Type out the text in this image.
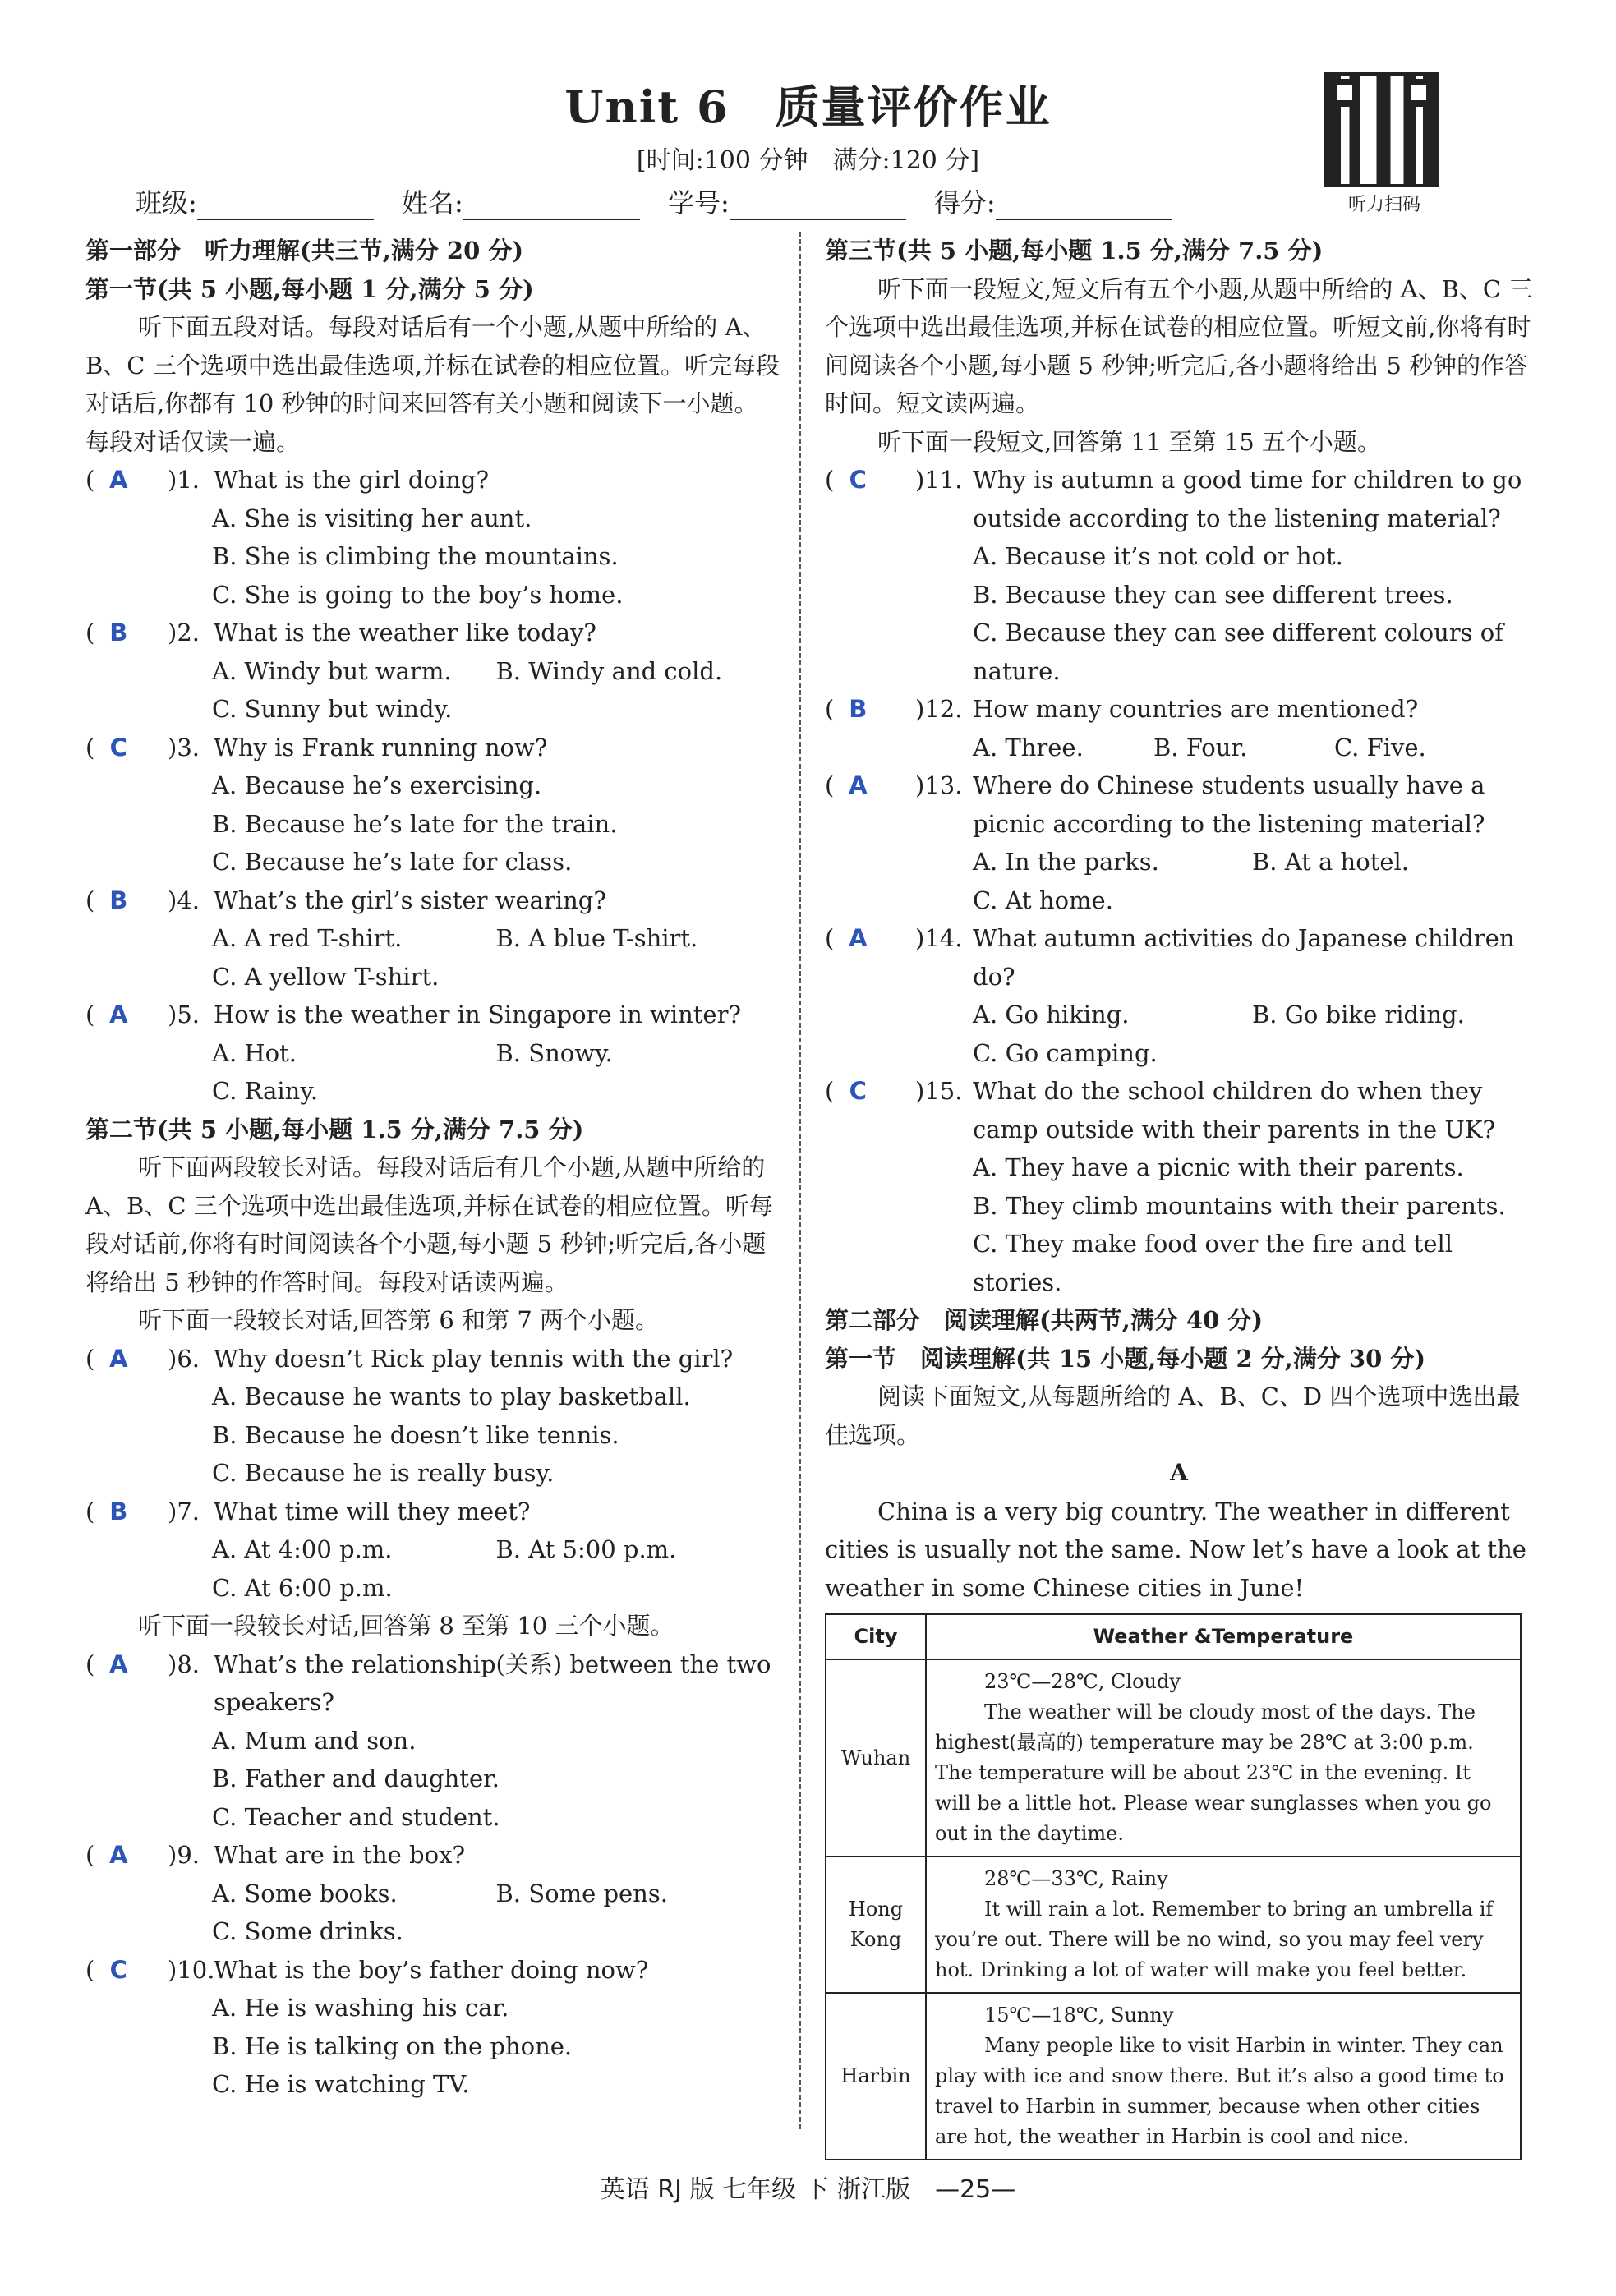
Unit 6　质量评价作业
[时间:100 分钟　满分:120 分]
听力扫码
班级:	姓名:	学号:	得分:

第一部分　听力理解(共三节,满分 20 分)

第一节(共 5 小题,每小题 1 分,满分 5 分)

听下面五段对话。每段对话后有一个小题,从题中所给的 A、B、C 三个选项中选出最佳选项,并标在试卷的相应位置。听完每段对话后,你都有 10 秒钟的时间来回答有关小题和阅读下一小题。每段对话仅读一遍。

( A	)1. What is the girl doing?
A. She is visiting her aunt.
B. She is climbing the mountains.
C. She is going to the boy’s home.
( B	)2. What is the weather like today?
A. Windy but warm.	B. Windy and cold.
C. Sunny but windy.
( C	)3. Why is Frank running now?
A. Because he’s exercising.
B. Because he’s late for the train.
C. Because he’s late for class.
( B	)4. What’s the girl’s sister wearing?
A. A red T-shirt.	B. A blue T-shirt.
C. A yellow T-shirt.
( A	)5. How is the weather in Singapore in winter?
A. Hot.	B. Snowy.
C. Rainy.

第二节(共 5 小题,每小题 1.5 分,满分 7.5 分)

听下面两段较长对话。每段对话后有几个小题,从题中所给的 A、B、C 三个选项中选出最佳选项,并标在试卷的相应位置。听每段对话前,你将有时间阅读各个小题,每小题 5 秒钟;听完后,各小题将给出 5 秒钟的作答时间。每段对话读两遍。

听下面一段较长对话,回答第 6 和第 7 两个小题。

( A	)6. Why doesn’t Rick play tennis with the girl?
A. Because he wants to play basketball.
B. Because he doesn’t like tennis.
C. Because he is really busy.
( B	)7. What time will they meet?
A. At 4:00 p.m.	B. At 5:00 p.m.
C. At 6:00 p.m.

听下面一段较长对话,回答第 8 至第 10 三个小题。

( A	)8. What’s the relationship(关系) between the two speakers?
A. Mum and son.
B. Father and daughter.
C. Teacher and student.
( A	)9. What are in the box?
A. Some books.	B. Some pens.
C. Some drinks.
( C	)10.
What is the boy’s father doing now?
A. He is washing his car.
B. He is talking on the phone.
C. He is watching TV.

第三节(共 5 小题,每小题 1.5 分,满分 7.5 分)

听下面一段短文,短文后有五个小题,从题中所给的 A、B、C 三个选项中选出最佳选项,并标在试卷的相应位置。听短文前,你将有时间阅读各个小题,每小题 5 秒钟;听完后,各小题将给出 5 秒钟的作答时间。短文读两遍。

听下面一段短文,回答第 11 至第 15 五个小题。

( C	)11. Why is autumn a good time for children to go outside according to the listening material?
A. Because it’s not cold or hot.
B. Because they can see different trees.
C. Because they can see different colours of nature.
( B	)12. How many countries are mentioned?
A. Three.	B. Four.	C. Five.
( A	)13. Where do Chinese students usually have a picnic according to the listening material?
A. In the parks.	B. At a hotel.
C. At home.
( A	)14. What autumn activities do Japanese children do?
A. Go hiking.	B. Go bike riding.
C. Go camping.
( C	)15. What do the school children do when they camp outside with their parents in the UK?
A. They have a picnic with their parents.
B. They climb mountains with their parents.
C. They make food over the fire and tell stories.

第二部分　阅读理解(共两节,满分 40 分)

第一节　阅读理解(共 15 小题,每小题 2 分,满分 30 分)

阅读下面短文,从每题所给的 A、B、C、D 四个选项中选出最佳选项。

A

China is a very big country. The weather in different cities is usually not the same. Now let’s have a look at the weather in some Chinese cities in June!

City	Weather &Temperature
Wuhan	23℃—28℃, Cloudy
The weather will be cloudy most of the days. The highest(最高的) temperature may be 28℃ at 3:00 p.m. The temperature will be about 23℃ in the evening. It will be a little hot. Please wear sunglasses when you go out in the daytime.

Hong Kong	28℃—33℃, Rainy
It will rain a lot. Remember to bring an umbrella if you’re out. There will be no wind, so you may feel very hot. Drinking a lot of water will make you feel better.

Harbin	15℃—18℃, Sunny
Many people like to visit Harbin in winter. They can play with ice and snow there. But it’s also a good time to travel to Harbin in summer, because when other cities are hot, the weather in Harbin is cool and nice.
英语 RJ 版 七年级 下 浙江版　—25—
